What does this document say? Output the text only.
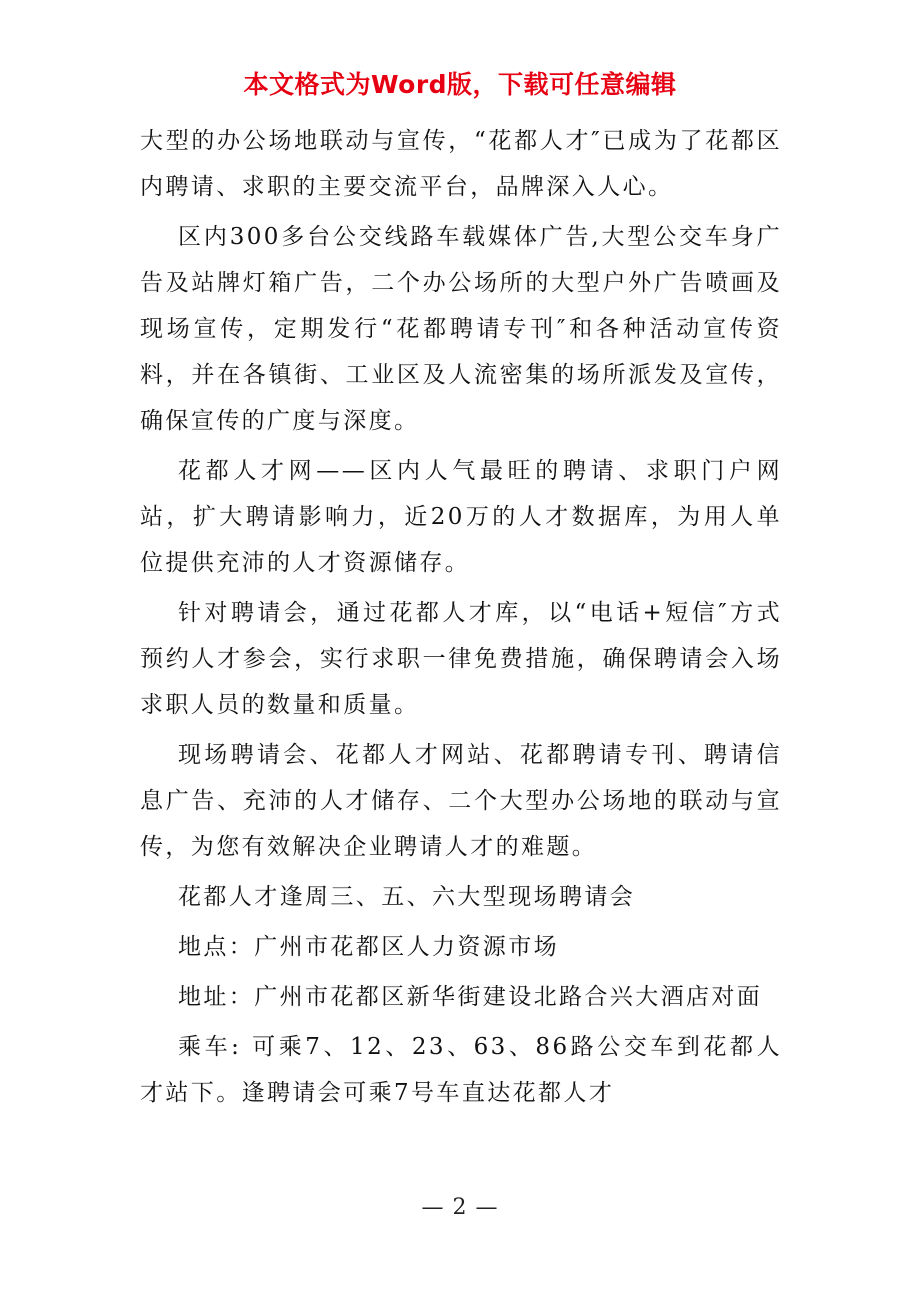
本文格式为Word版，下载可任意编辑

大型的办公场地联动与宣传，“花都人才″已成为了花都区内聘请、求职的主要交流平台，品牌深入人心。

区内300多台公交线路车载媒体广告,大型公交车身广告及站牌灯箱广告，二个办公场所的大型户外广告喷画及现场宣传，定期发行“花都聘请专刊″和各种活动宣传资料，并在各镇街、工业区及人流密集的场所派发及宣传，确保宣传的广度与深度。

花都人才网——区内人气最旺的聘请、求职门户网站，扩大聘请影响力，近20万的人才数据库，为用人单位提供充沛的人才资源储存。

针对聘请会，通过花都人才库，以“电话+短信″方式预约人才参会，实行求职一律免费措施，确保聘请会入场求职人员的数量和质量。

现场聘请会、花都人才网站、花都聘请专刊、聘请信息广告、充沛的人才储存、二个大型办公场地的联动与宣传，为您有效解决企业聘请人才的难题。

花都人才逢周三、五、六大型现场聘请会

地点：广州市花都区人力资源市场

地址：广州市花都区新华街建设北路合兴大酒店对面

乘车: 可乘7、12、23、63、86路公交车到花都人才站下。逢聘请会可乘7号车直达花都人才

— 2 —
